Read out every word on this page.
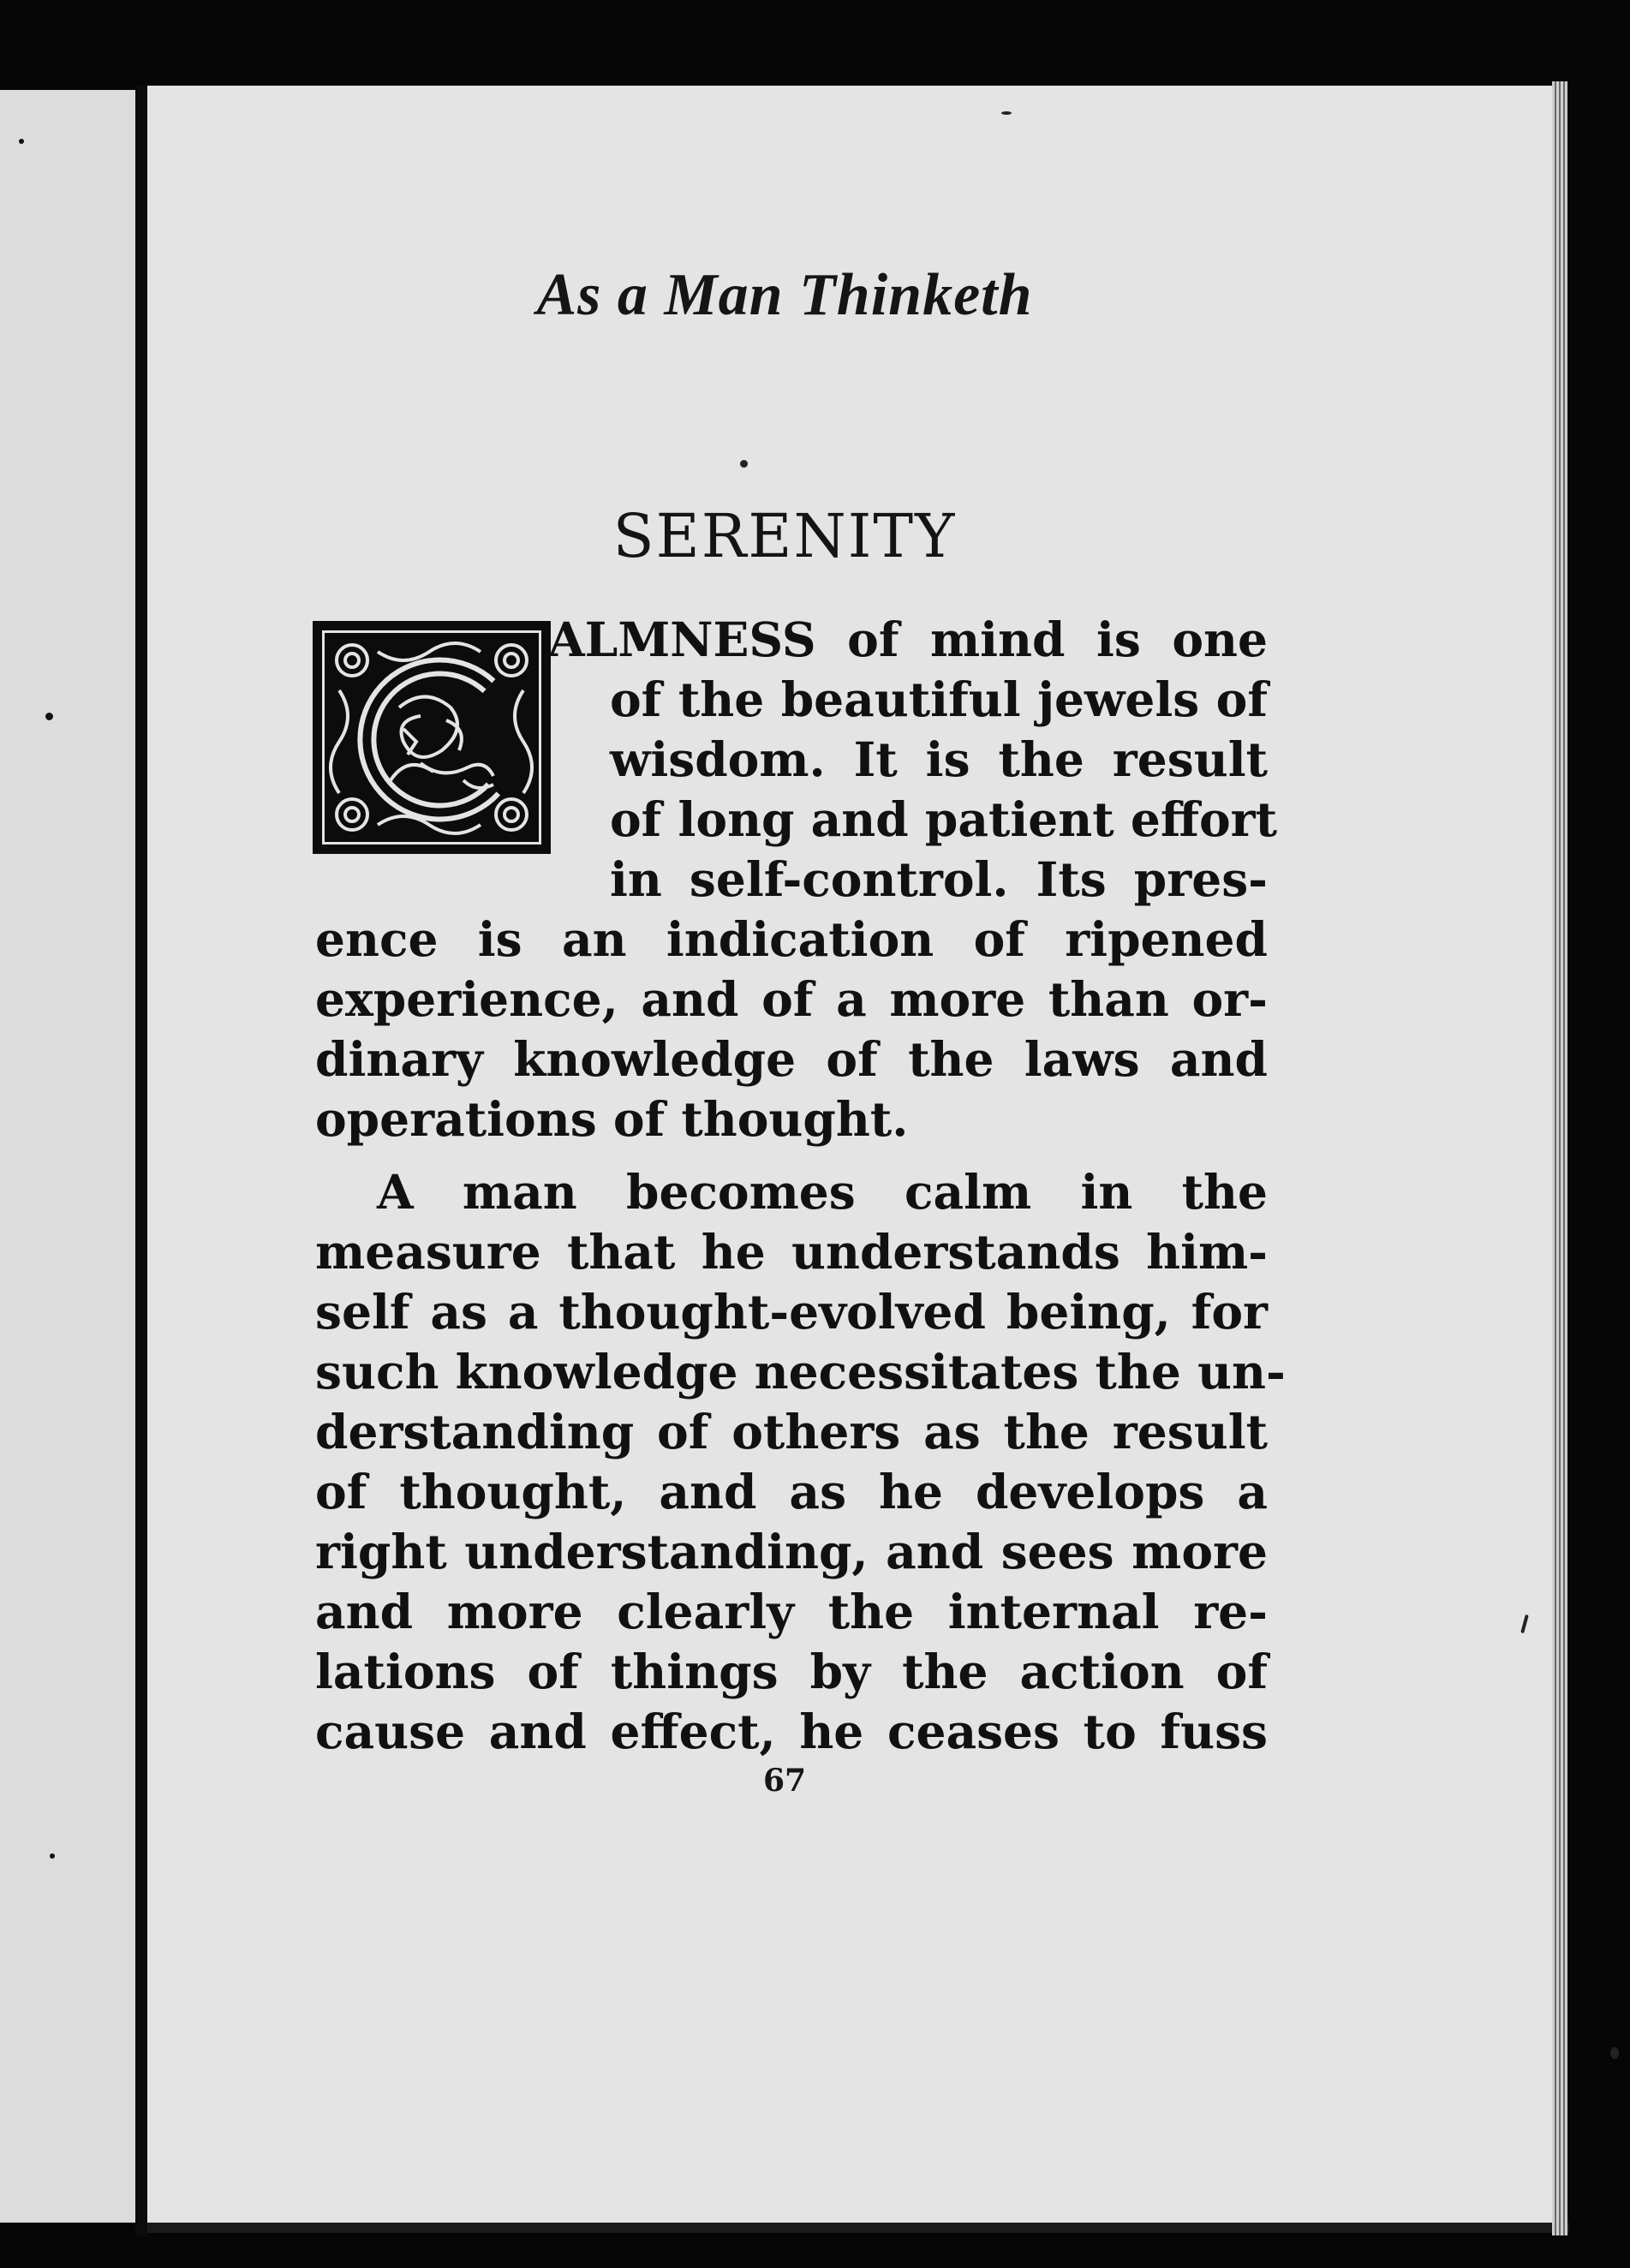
As a Man Thinketh
SERENITY
ALMNESS of mind is one
of the beautiful jewels of
wisdom. It is the result
of long and patient effort
in self-control. Its pres-
ence is an indication of ripened
experience, and of a more than or-
dinary knowledge of the laws and
operations of thought.
A man becomes calm in the
measure that he understands him-
self as a thought-evolved being, for
such knowledge necessitates the un-
derstanding of others as the result
of thought, and as he develops a
right understanding, and sees more
and more clearly the internal re-
lations of things by the action of
cause and effect, he ceases to fuss
67
